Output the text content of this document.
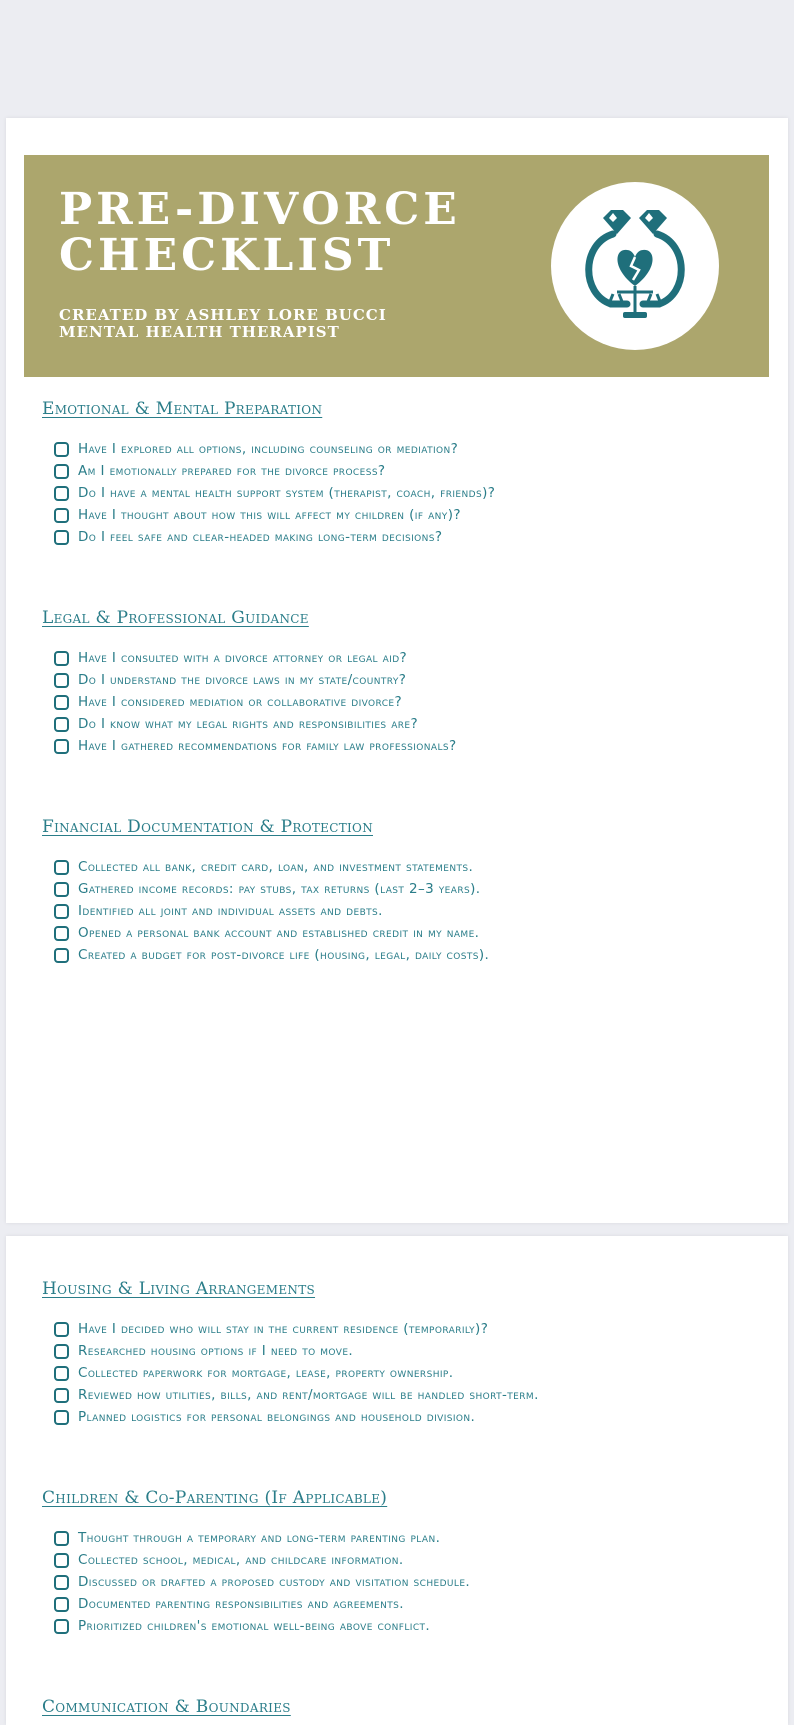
PRE-DIVORCE
CHECKLIST
CREATED BY ASHLEY LORE BUCCI
MENTAL HEALTH THERAPIST
Emotional & Mental Preparation
Have I explored all options, including counseling or mediation?
Am I emotionally prepared for the divorce process?
Do I have a mental health support system (therapist, coach, friends)?
Have I thought about how this will affect my children (if any)?
Do I feel safe and clear-headed making long-term decisions?
Legal & Professional Guidance
Have I consulted with a divorce attorney or legal aid?
Do I understand the divorce laws in my state/country?
Have I considered mediation or collaborative divorce?
Do I know what my legal rights and responsibilities are?
Have I gathered recommendations for family law professionals?
Financial Documentation & Protection
Collected all bank, credit card, loan, and investment statements.
Gathered income records: pay stubs, tax returns (last 2–3 years).
Identified all joint and individual assets and debts.
Opened a personal bank account and established credit in my name.
Created a budget for post-divorce life (housing, legal, daily costs).
Housing & Living Arrangements
Have I decided who will stay in the current residence (temporarily)?
Researched housing options if I need to move.
Collected paperwork for mortgage, lease, property ownership.
Reviewed how utilities, bills, and rent/mortgage will be handled short-term.
Planned logistics for personal belongings and household division.
Children & Co-Parenting (If Applicable)
Thought through a temporary and long-term parenting plan.
Collected school, medical, and childcare information.
Discussed or drafted a proposed custody and visitation schedule.
Documented parenting responsibilities and agreements.
Prioritized children's emotional well-being above conflict.
Communication & Boundaries
